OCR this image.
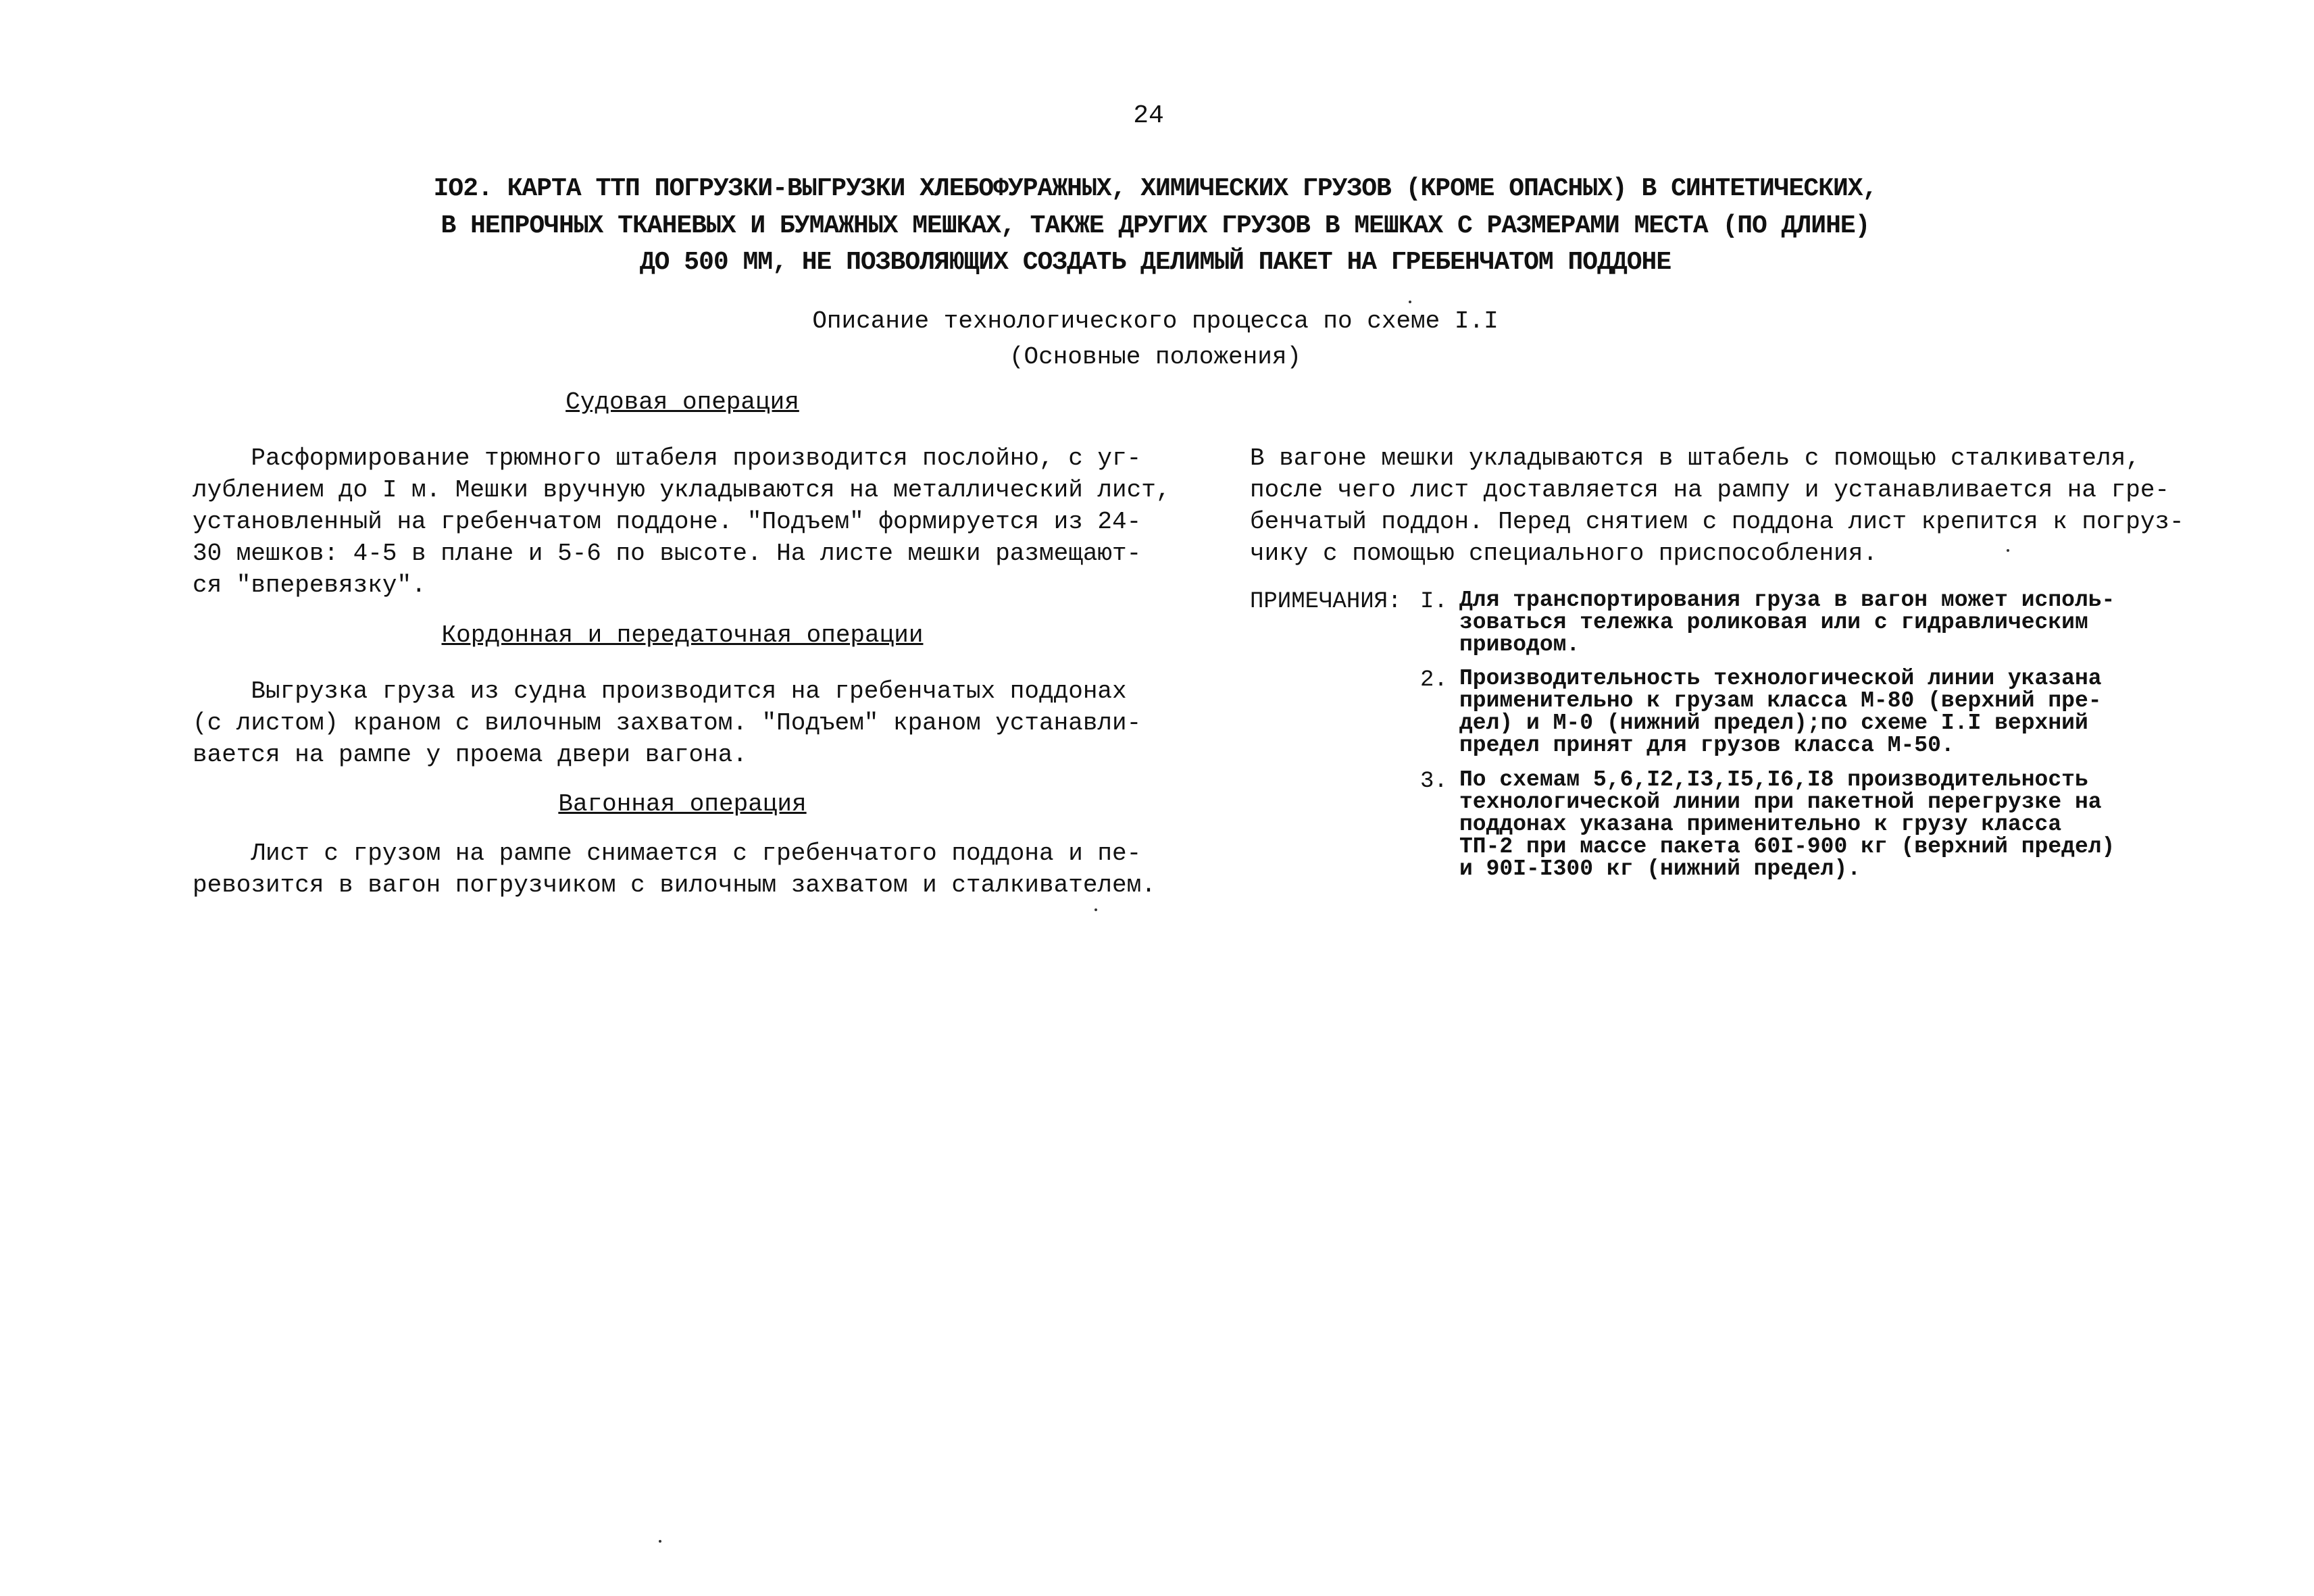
24
IO2. КАРТА ТТП ПОГРУЗКИ-ВЫГРУЗКИ ХЛЕБОФУРАЖНЫХ, ХИМИЧЕСКИХ ГРУЗОВ (КРОМЕ ОПАСНЫХ) В СИНТЕТИЧЕСКИХ,
В НЕПРОЧНЫХ ТКАНЕВЫХ И БУМАЖНЫХ МЕШКАХ, ТАКЖЕ ДРУГИХ ГРУЗОВ В МЕШКАХ С РАЗМЕРАМИ МЕСТА (ПО ДЛИНЕ)
ДО 500 ММ, НЕ ПОЗВОЛЯЮЩИХ СОЗДАТЬ ДЕЛИМЫЙ ПАКЕТ НА ГРЕБЕНЧАТОМ ПОДДОНЕ
Описание технологического процесса по схеме I.I
(Основные положения)
Судовая операция
Расформирование трюмного штабеля производится послойно, с уг-
лублением до I м. Мешки вручную укладываются на металлический лист,
установленный на гребенчатом поддоне. "Подъем" формируется из 24-
30 мешков: 4-5 в плане и 5-6 по высоте. На листе мешки размещают-
ся "вперевязку".
Кордонная и передаточная операции
Выгрузка груза из судна производится на гребенчатых поддонах
(с листом) краном с вилочным захватом. "Подъем" краном устанавли-
вается на рампе у проема двери вагона.
Вагонная операция
Лист с грузом на рампе снимается с гребенчатого поддона и пе-
ревозится в вагон погрузчиком с вилочным захватом и сталкивателем.
В вагоне мешки укладываются в штабель с помощью сталкивателя,
после чего лист доставляется на рампу и устанавливается на гре-
бенчатый поддон. Перед снятием с поддона лист крепится к погруз-
чику с помощью специального приспособления.
ПРИМЕЧАНИЯ: I. Для транспортирования груза в вагон может исполь-
зоваться тележка роликовая или с гидравлическим
приводом.
2. Производительность технологической линии указана
применительно к грузам класса М-80 (верхний пре-
дел) и М-0 (нижний предел);по схеме I.I верхний
предел принят для грузов класса М-50.
3. По схемам 5,6,I2,I3,I5,I6,I8 производительность
технологической линии при пакетной перегрузке на
поддонах указана применительно к грузу класса
ТП-2 при массе пакета 60I-900 кг (верхний предел)
и 90I-I300 кг (нижний предел).
